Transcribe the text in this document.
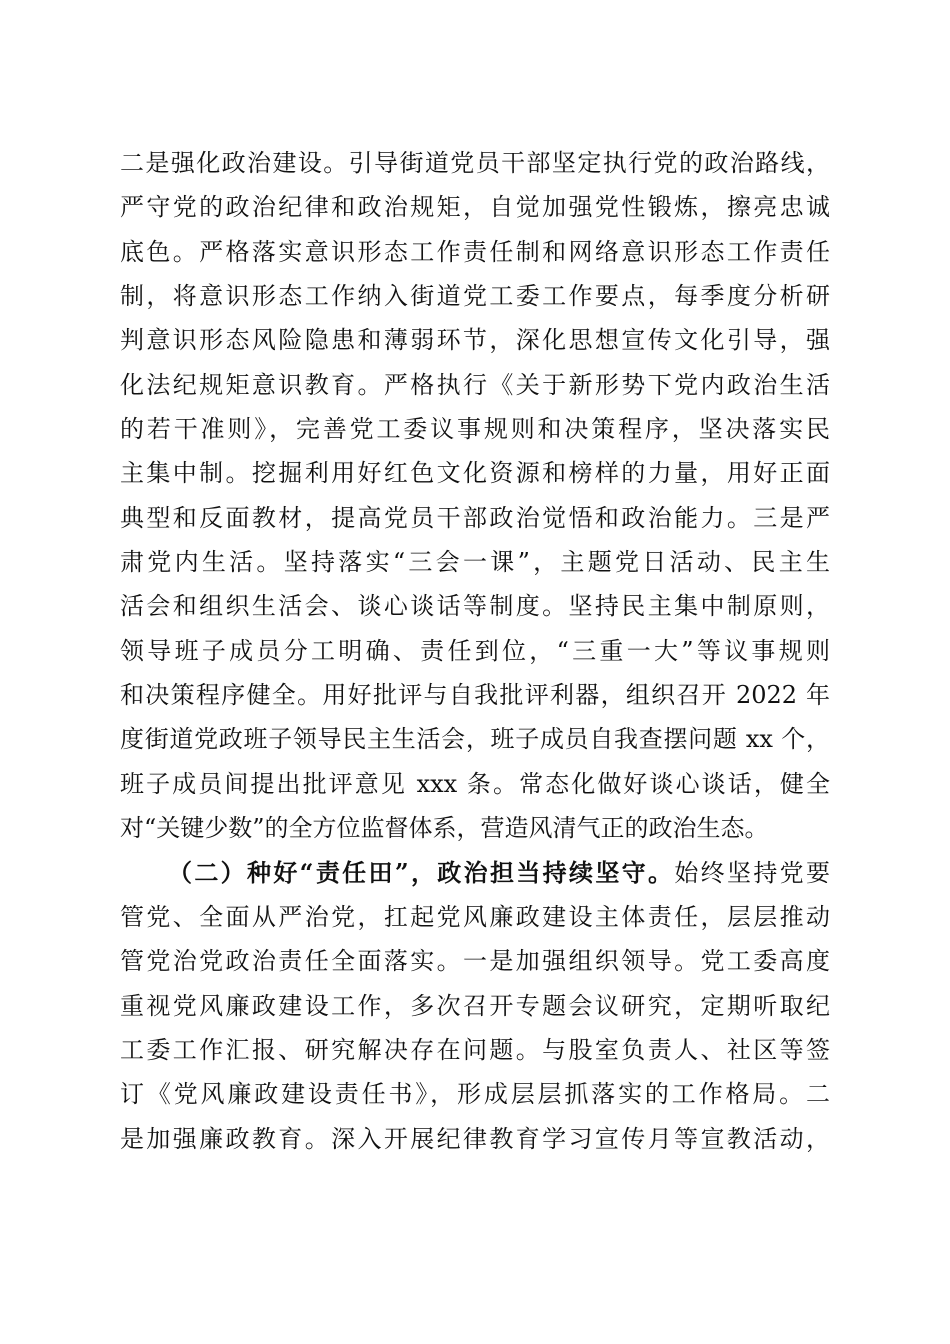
二是强化政治建设。引导街道党员干部坚定执行党的政治路线，
严守党的政治纪律和政治规矩，自觉加强党性锻炼，擦亮忠诚
底色。严格落实意识形态工作责任制和网络意识形态工作责任
制，将意识形态工作纳入街道党工委工作要点，每季度分析研
判意识形态风险隐患和薄弱环节，深化思想宣传文化引导，强
化法纪规矩意识教育。严格执行《关于新形势下党内政治生活
的若干准则》，完善党工委议事规则和决策程序，坚决落实民
主集中制。挖掘利用好红色文化资源和榜样的力量，用好正面
典型和反面教材，提高党员干部政治觉悟和政治能力。三是严
肃党内生活。坚持落实“三会一课”，主题党日活动、民主生
活会和组织生活会、谈心谈话等制度。坚持民主集中制原则，
领导班子成员分工明确、责任到位，“三重一大”等议事规则
和决策程序健全。用好批评与自我批评利器，组织召开 2022 年
度街道党政班子领导民主生活会，班子成员自我查摆问题 xx 个，
班子成员间提出批评意见 xxx 条。常态化做好谈心谈话，健全
对“关键少数”的全方位监督体系，营造风清气正的政治生态。
（二）种好“责任田”，政治担当持续坚守。始终坚持党要
管党、全面从严治党，扛起党风廉政建设主体责任，层层推动
管党治党政治责任全面落实。一是加强组织领导。党工委高度
重视党风廉政建设工作，多次召开专题会议研究，定期听取纪
工委工作汇报、研究解决存在问题。与股室负责人、社区等签
订《党风廉政建设责任书》，形成层层抓落实的工作格局。二
是加强廉政教育。深入开展纪律教育学习宣传月等宣教活动，
